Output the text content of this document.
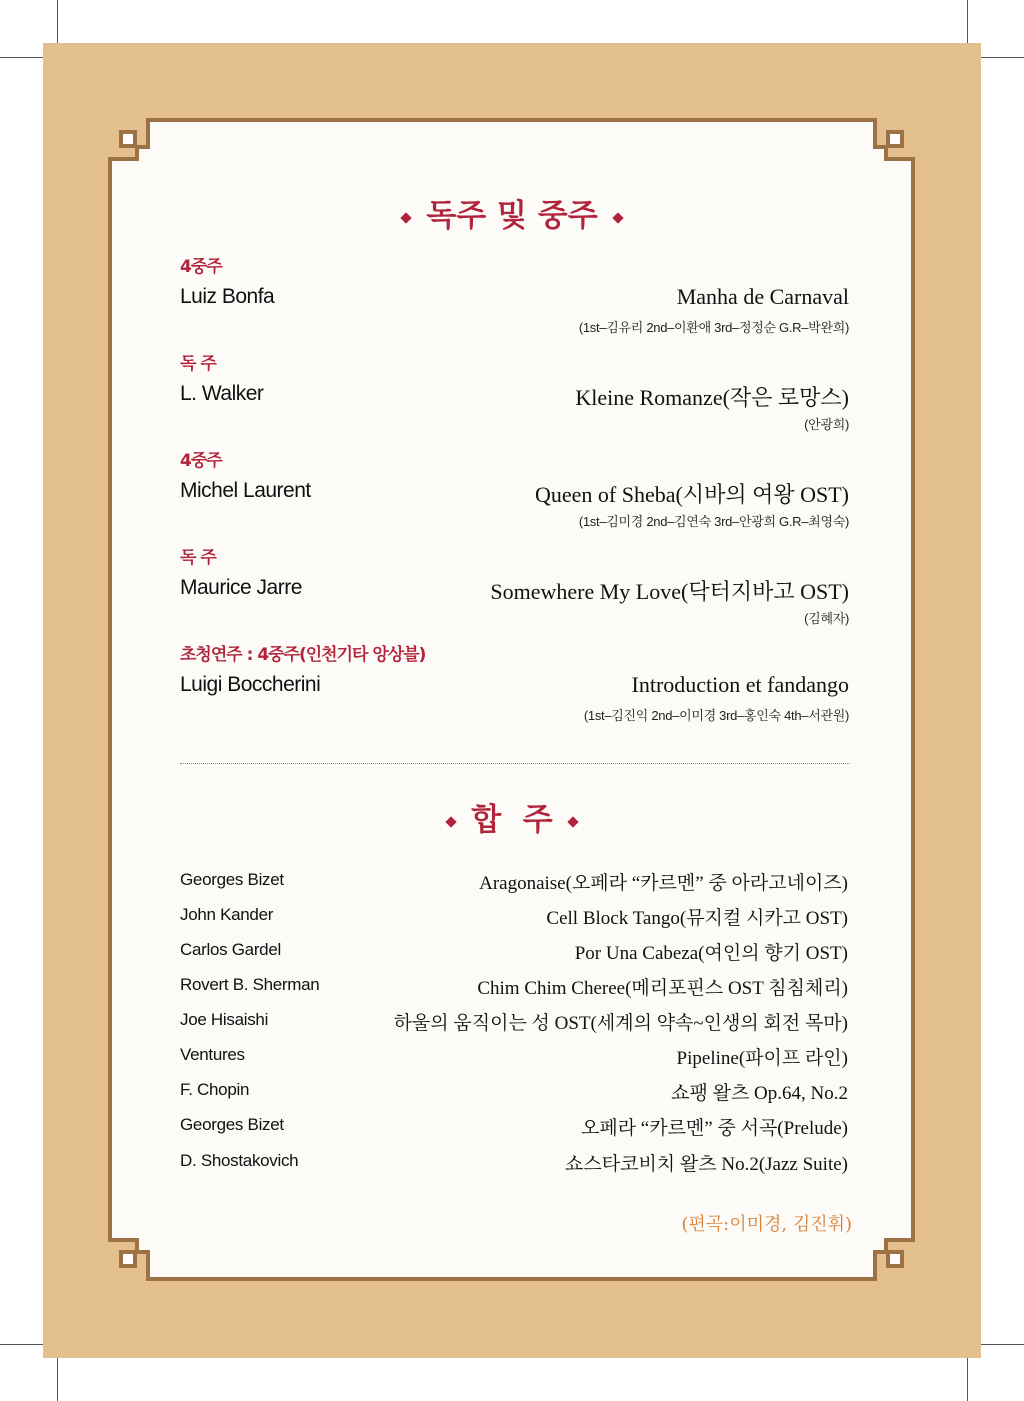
독주 및 중주
4중주
Luiz Bonfa	Manha de Carnaval
(1st–김유리 2nd–이환애 3rd–정정순 G.R–박완희)
독 주
L. Walker	Kleine Romanze(작은 로망스)
(안광희)
4중주
Michel Laurent	Queen of Sheba(시바의 여왕 OST)
(1st–김미경 2nd–김연숙 3rd–안광희 G.R–최영숙)
독 주
Maurice Jarre	Somewhere My Love(닥터지바고 OST)
(김혜자)
초청연주 : 4중주(인천기타 앙상블)
Luigi Boccherini	Introduction et fandango
(1st–김진익 2nd–이미경 3rd–홍인숙 4th–서관원)
합  주
Georges Bizet	Aragonaise(오페라 “카르멘” 중 아라고네이즈)
John Kander	Cell Block Tango(뮤지컬 시카고 OST)
Carlos Gardel	Por Una Cabeza(여인의 향기 OST)
Rovert B. Sherman	Chim Chim Cheree(메리포핀스 OST 침침체리)
Joe Hisaishi	하울의 움직이는 성 OST(세계의 약속~인생의 회전 목마)
Ventures	Pipeline(파이프 라인)
F. Chopin	쇼팽 왈츠 Op.64, No.2
Georges Bizet	오페라 “카르멘” 중 서곡(Prelude)
D. Shostakovich	쇼스타코비치 왈츠 No.2(Jazz Suite)
(편곡:이미경, 김진휘)
